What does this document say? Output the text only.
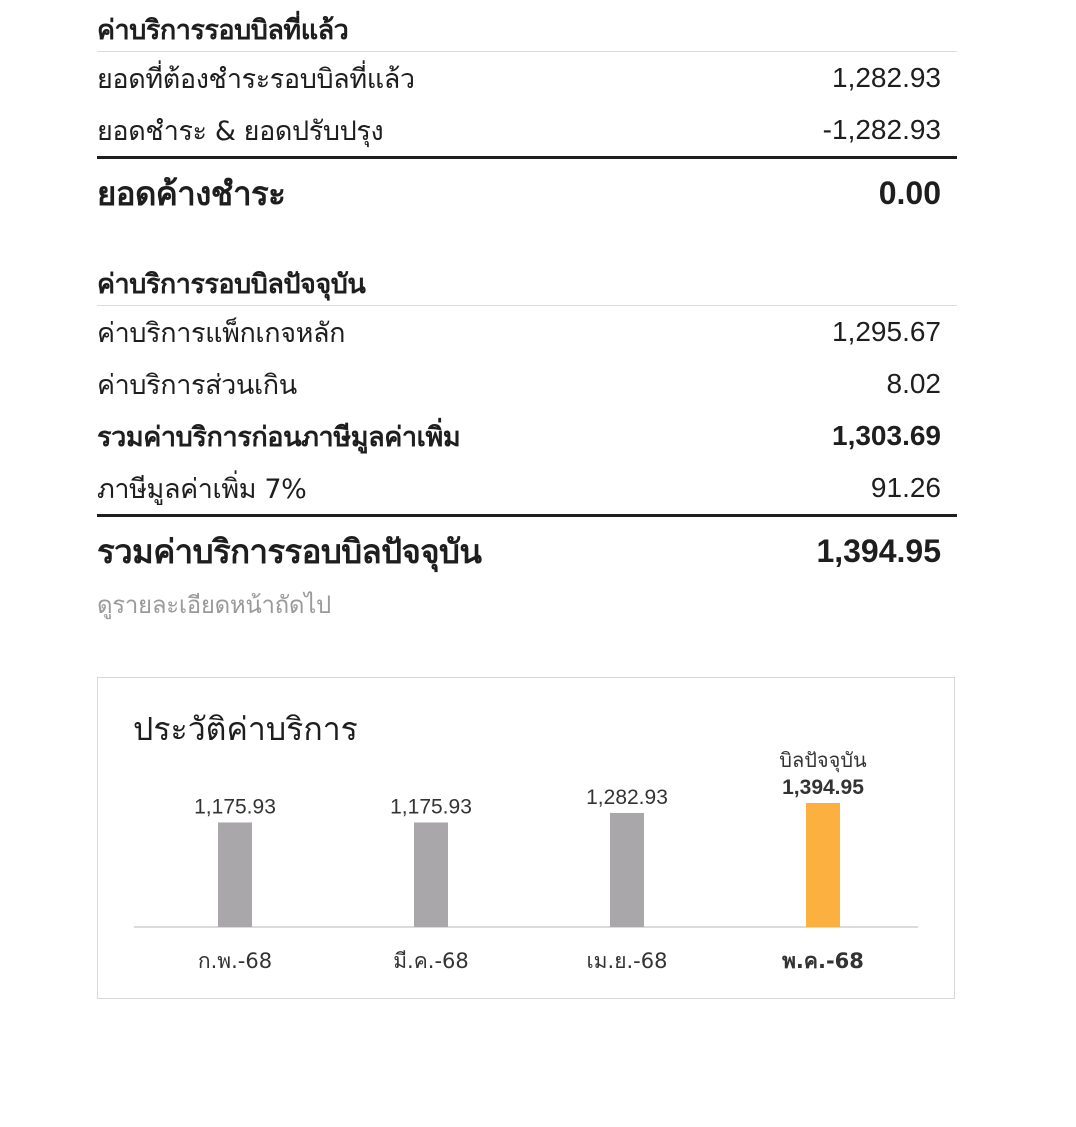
ค่าบริการรอบบิลที่แล้ว
ยอดที่ต้องชำระรอบบิลที่แล้ว	1,282.93
ยอดชำระ & ยอดปรับปรุง	-1,282.93
ยอดค้างชำระ	0.00
ค่าบริการรอบบิลปัจจุบัน
ค่าบริการแพ็กเกจหลัก	1,295.67
ค่าบริการส่วนเกิน	8.02
รวมค่าบริการก่อนภาษีมูลค่าเพิ่ม	1,303.69
ภาษีมูลค่าเพิ่ม 7%	91.26
รวมค่าบริการรอบบิลปัจจุบัน	1,394.95
ดูรายละเอียดหน้าถัดไป
ประวัติค่าบริการ
1,175.93
ก.พ.-68
1,175.93
มี.ค.-68
1,282.93
เม.ย.-68
1,394.95
บิลปัจจุบัน
พ.ค.-68
